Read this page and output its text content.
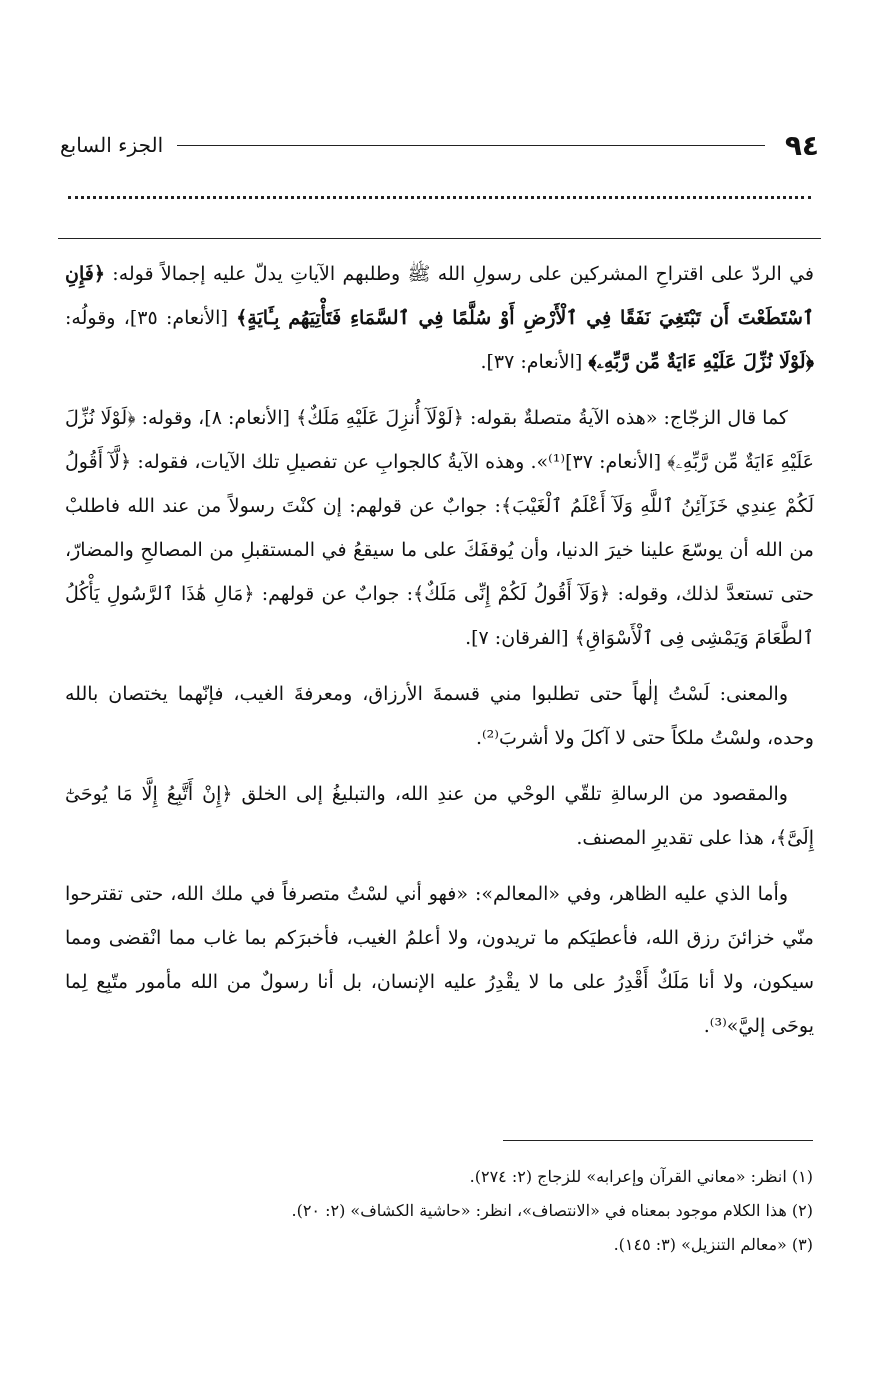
٩٤
الجزء السابع

في الردّ على اقتراحِ المشركين على رسولِ الله ﷺ وطلبهم الآياتِ يدلّ عليه إجمالاً قوله: ﴿فَإِنِ ٱسْتَطَعْتَ أَن تَبْتَغِيَ نَفَقًا فِي ٱلْأَرْضِ أَوْ سُلَّمًا فِي ٱلسَّمَاءِ فَتَأْتِيَهُم بِـَٔايَةٍ﴾ [الأنعام: ٣٥]، وقولُه: ﴿لَوْلَا نُزِّلَ عَلَيْهِ ءَايَةٌ مِّن رَّبِّهِۦ﴾ [الأنعام: ٣٧].

كما قال الزجّاج: «هذه الآيةُ متصلةٌ بقوله: ﴿لَوْلَآ أُنزِلَ عَلَيْهِ مَلَكٌ﴾ [الأنعام: ٨]، وقوله: ﴿لَوْلَا نُزِّلَ عَلَيْهِ ءَايَةٌ مِّن رَّبِّهِۦ﴾ [الأنعام: ٣٧]⁽¹⁾». وهذه الآيةُ كالجوابِ عن تفصيلِ تلك الآيات، فقوله: ﴿لَّآ أَقُولُ لَكُمْ عِندِي خَزَآئِنُ ٱللَّهِ وَلَآ أَعْلَمُ ٱلْغَيْبَ﴾: جوابٌ عن قولهم: إن كنْتَ رسولاً من عند الله فاطلبْ من الله أن يوسّعَ علينا خيرَ الدنيا، وأن يُوقفَكَ على ما سيقعُ في المستقبلِ من المصالحِ والمضارّ، حتى تستعدَّ لذلك، وقوله: ﴿وَلَآ أَقُولُ لَكُمْ إِنِّى مَلَكٌ﴾: جوابٌ عن قولهم: ﴿مَالِ هَٰذَا ٱلرَّسُولِ يَأْكُلُ ٱلطَّعَامَ وَيَمْشِى فِى ٱلْأَسْوَاقِ﴾ [الفرقان: ٧].

والمعنى: لَسْتُ إلٰهاً حتى تطلبوا مني قسمةَ الأرزاق، ومعرفةَ الغيب، فإنّهما يختصان بالله وحده، ولسْتُ ملكاً حتى لا آكلَ ولا أشربَ⁽²⁾.

والمقصود من الرسالةِ تلقّي الوحْي من عندِ الله، والتبليغُ إلى الخلق ﴿إِنْ أَتَّبِعُ إِلَّا مَا يُوحَىٰٓ إِلَىَّ﴾، هذا على تقديرِ المصنف.

وأما الذي عليه الظاهر، وفي «المعالم»: «فهو أني لسْتُ متصرفاً في ملك الله، حتى تقترحوا منّي خزائنَ رزق الله، فأعطيَكم ما تريدون، ولا أعلمُ الغيب، فأخبرَكم بما غاب مما انْقضى ومما سيكون، ولا أنا مَلَكٌ أَقْدِرُ على ما لا يقْدِرُ عليه الإنسان، بل أنا رسولٌ من الله مأمور متّبِع لِما يوحَى إليَّ»⁽³⁾.

(١) انظر: «معاني القرآن وإعرابه» للزجاج (٢: ٢٧٤).

(٢) هذا الكلام موجود بمعناه في «الانتصاف»، انظر: «حاشية الكشاف» (٢: ٢٠).

(٣) «معالم التنزيل» (٣: ١٤٥).
